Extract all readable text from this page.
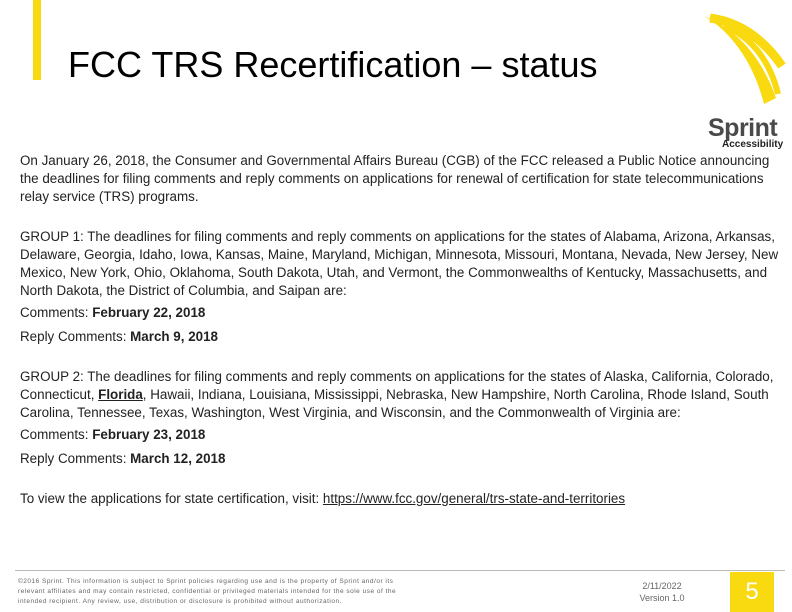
FCC TRS Recertification – status
Sprint
Accessibility

On January 26, 2018, the Consumer and Governmental Affairs Bureau (CGB) of the FCC released a Public Notice announcing the deadlines for filing comments and reply comments on applications for renewal of certification for state telecommunications relay service (TRS) programs.

GROUP 1: The deadlines for filing comments and reply comments on applications for the states of Alabama, Arizona, Arkansas, Delaware, Georgia, Idaho, Iowa, Kansas, Maine, Maryland, Michigan, Minnesota, Missouri, Montana, Nevada, New Jersey, New Mexico, New York, Ohio, Oklahoma, South Dakota, Utah, and Vermont, the Commonwealths of Kentucky, Massachusetts, and North Dakota, the District of Columbia, and Saipan are:

Comments: February 22, 2018

Reply Comments: March 9, 2018

GROUP 2: The deadlines for filing comments and reply comments on applications for the states of Alaska, California, Colorado, Connecticut, Florida, Hawaii, Indiana, Louisiana, Mississippi, Nebraska, New Hampshire, North Carolina, Rhode Island, South Carolina, Tennessee, Texas, Washington, West Virginia, and Wisconsin, and the Commonwealth of Virginia are:

Comments: February 23, 2018

Reply Comments: March 12, 2018

To view the applications for state certification, visit: https://www.fcc.gov/general/trs-state-and-territories

©2016 Sprint. This information is subject to Sprint policies regarding use and is the property of Sprint and/or its relevant affiliates and may contain restricted, confidential or privileged materials intended for the sole use of the intended recipient. Any review, use, distribution or disclosure is prohibited without authorization.
2/11/2022
Version 1.0	5
